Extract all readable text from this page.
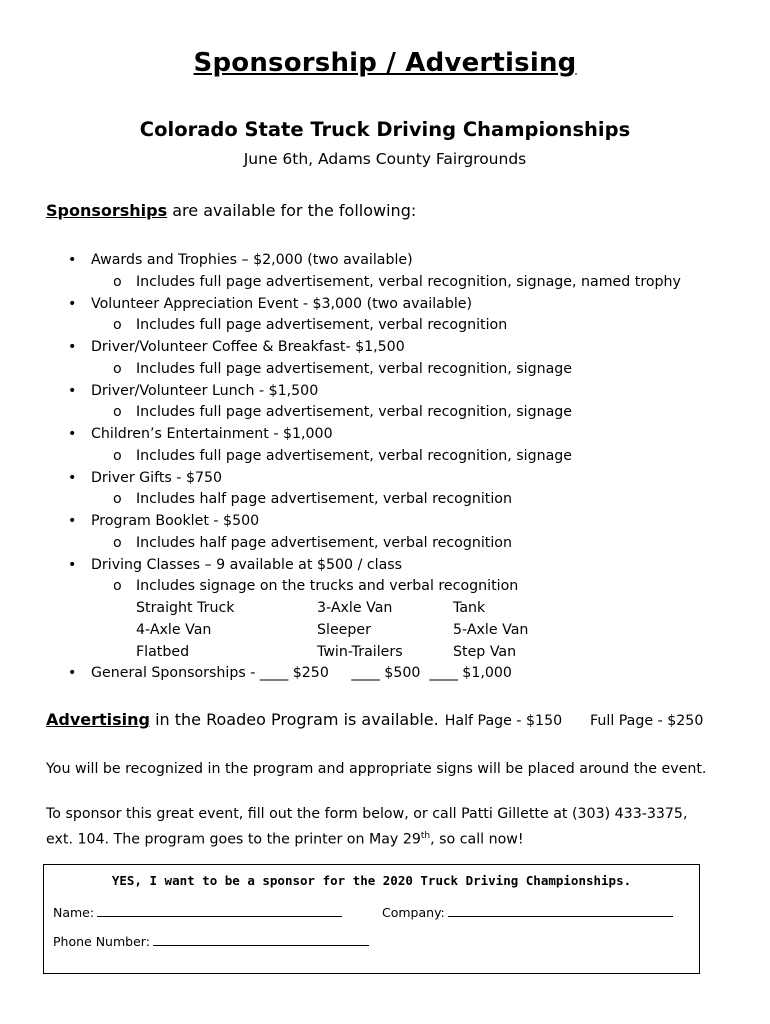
Sponsorship / Advertising
Colorado State Truck Driving Championships
June 6th, Adams County Fairgrounds
Sponsorships are available for the following:
• Awards and Trophies – $2,000 (two available)
o Includes full page advertisement, verbal recognition, signage, named trophy
• Volunteer Appreciation Event - $3,000 (two available)
o Includes full page advertisement, verbal recognition
• Driver/Volunteer Coffee & Breakfast- $1,500
o Includes full page advertisement, verbal recognition, signage
• Driver/Volunteer Lunch - $1,500
o Includes full page advertisement, verbal recognition, signage
• Children’s Entertainment - $1,000
o Includes full page advertisement, verbal recognition, signage
• Driver Gifts - $750
o Includes half page advertisement, verbal recognition
• Program Booklet - $500
o Includes half page advertisement, verbal recognition
• Driving Classes – 9 available at $500 / class
o Includes signage on the trucks and verbal recognition
Straight Truck	3-Axle Van	Tank
4-Axle Van	Sleeper	5-Axle Van
Flatbed	Twin-Trailers	Step Van
• General Sponsorships - ____ $250     ____ $500  ____ $1,000
Advertising in the Roadeo Program is available. Half Page - $150 Full Page - $250
You will be recognized in the program and appropriate signs will be placed around the event.
To sponsor this great event, fill out the form below, or call Patti Gillette at (303) 433-3375,
ext. 104. The program goes to the printer on May 29th, so call now!
YES, I want to be a sponsor for the 2020 Truck Driving Championships.
Name:	Company:
Phone Number:
